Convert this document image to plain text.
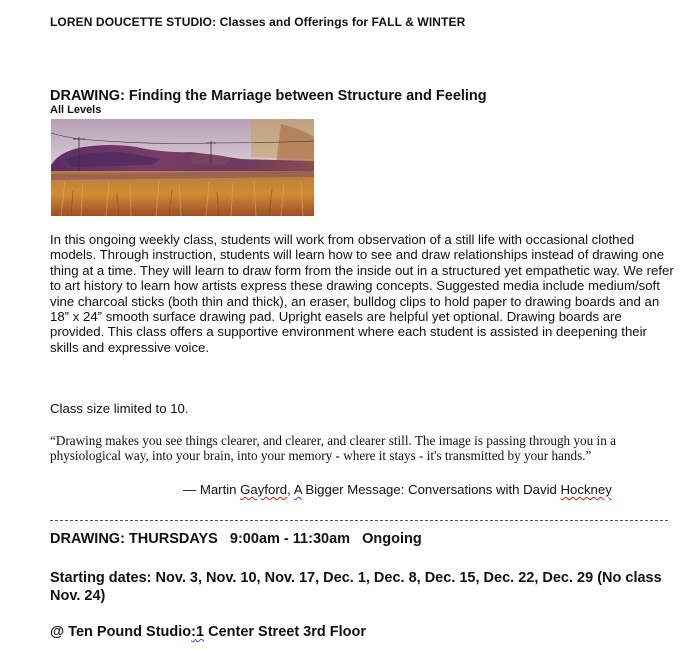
LOREN DOUCETTE STUDIO: Classes and Offerings for FALL & WINTER
DRAWING: Finding the Marriage between Structure and Feeling
All Levels

In this ongoing weekly class, students will work from observation of a still life with occasional clothed models. Through instruction, students will learn how to see and draw relationships instead of drawing one thing at a time. They will learn to draw form from the inside out in a structured yet empathetic way. We refer to art history to learn how artists express these drawing concepts. Suggested media include medium/soft vine charcoal sticks (both thin and thick), an eraser, bulldog clips to hold paper to drawing boards and an 18” x 24” smooth surface drawing pad. Upright easels are helpful yet optional. Drawing boards are provided. This class offers a supportive environment where each student is assisted in deepening their skills and expressive voice.

Class size limited to 10.

“Drawing makes you see things clearer, and clearer, and clearer still. The image is passing through you in a physiological way, into your brain, into your memory - where it stays - it's transmitted by your hands.”

— Martin Gayford, A Bigger Message: Conversations with David Hockney

DRAWING: THURSDAYS   9:00am - 11:30am   Ongoing

Starting dates: Nov. 3, Nov. 10, Nov. 17, Dec. 1, Dec. 8, Dec. 15, Dec. 22, Dec. 29 (No class Nov. 24)

@ Ten Pound Studio:1 Center Street 3rd Floor
